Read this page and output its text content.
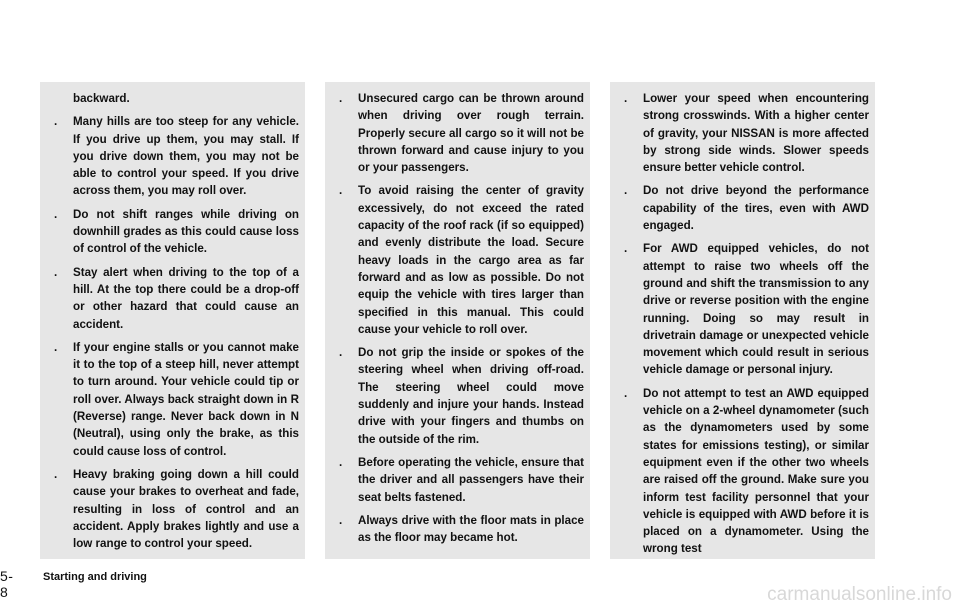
backward.
. Many hills are too steep for any vehicle. If you drive up them, you may stall. If you drive down them, you may not be able to control your speed. If you drive across them, you may roll over.
. Do not shift ranges while driving on downhill grades as this could cause loss of control of the vehicle.
. Stay alert when driving to the top of a hill. At the top there could be a drop-off or other hazard that could cause an accident.
. If your engine stalls or you cannot make it to the top of a steep hill, never attempt to turn around. Your vehicle could tip or roll over. Always back straight down in R (Reverse) range. Never back down in N (Neutral), using only the brake, as this could cause loss of control.
. Heavy braking going down a hill could cause your brakes to overheat and fade, resulting in loss of control and an accident. Apply brakes lightly and use a low range to control your speed.
. Unsecured cargo can be thrown around when driving over rough terrain. Properly secure all cargo so it will not be thrown forward and cause injury to you or your passengers.
. To avoid raising the center of gravity excessively, do not exceed the rated capacity of the roof rack (if so equipped) and evenly distribute the load. Secure heavy loads in the cargo area as far forward and as low as possible. Do not equip the vehicle with tires larger than specified in this manual. This could cause your vehicle to roll over.
. Do not grip the inside or spokes of the steering wheel when driving off-road. The steering wheel could move suddenly and injure your hands. Instead drive with your fingers and thumbs on the outside of the rim.
. Before operating the vehicle, ensure that the driver and all passengers have their seat belts fastened.
. Always drive with the floor mats in place as the floor may became hot.
. Lower your speed when encountering strong crosswinds. With a higher center of gravity, your NISSAN is more affected by strong side winds. Slower speeds ensure better vehicle control.
. Do not drive beyond the performance capability of the tires, even with AWD engaged.
. For AWD equipped vehicles, do not attempt to raise two wheels off the ground and shift the transmission to any drive or reverse position with the engine running. Doing so may result in drivetrain damage or unexpected vehicle movement which could result in serious vehicle damage or personal injury.
. Do not attempt to test an AWD equipped vehicle on a 2-wheel dynamometer (such as the dynamometers used by some states for emissions testing), or similar equipment even if the other two wheels are raised off the ground. Make sure you inform test facility personnel that your vehicle is equipped with AWD before it is placed on a dynamometer. Using the wrong test
5-8
Starting and driving
carmanualsonline.info
